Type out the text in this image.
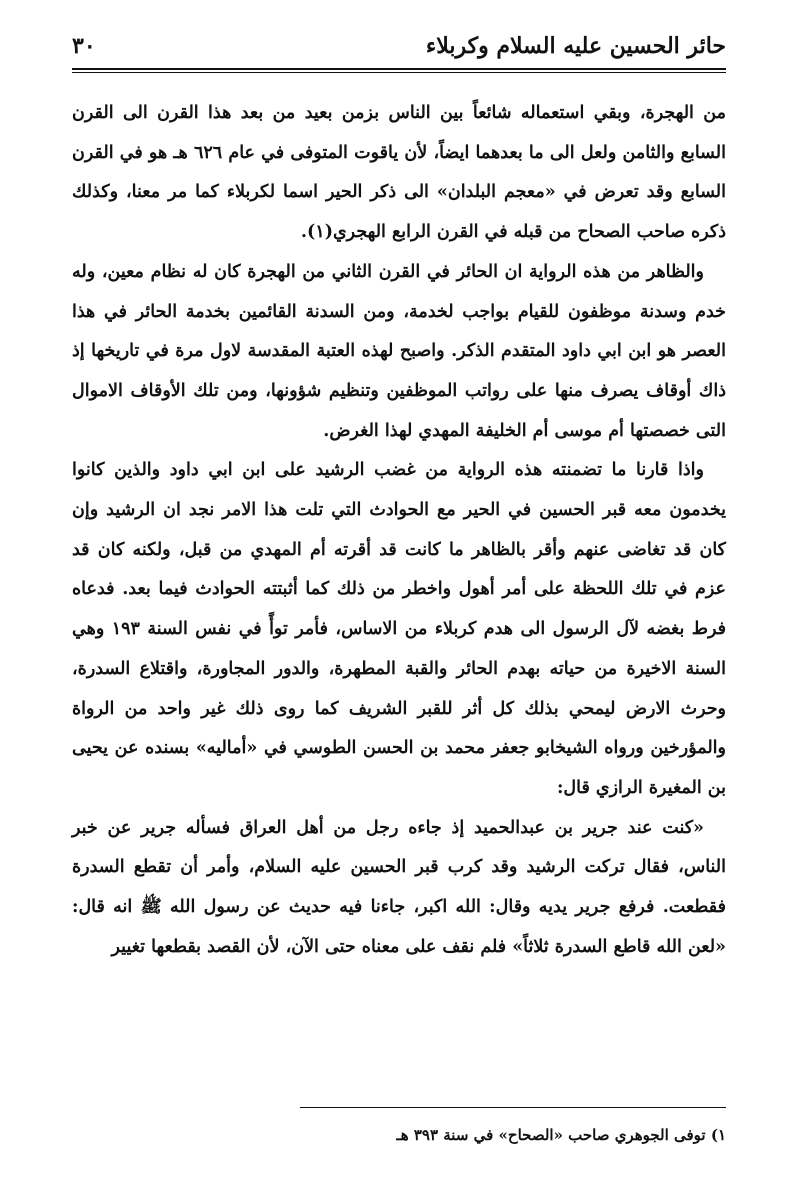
حائر الحسين عليه السلام وكربلاء
٣٠

من الهجرة، وبقي استعماله شائعاً بين الناس بزمن بعيد من بعد هذا القرن الى القرن السابع والثامن ولعل الى ما بعدهما ايضاً، لأن ياقوت المتوفى في عام ٦٢٦ هـ هو في القرن السابع وقد تعرض في «معجم البلدان» الى ذكر الحير اسما لكربلاء كما مر معنا، وكذلك ذكره صاحب الصحاح من قبله في القرن الرابع الهجري(١).

والظاهر من هذه الرواية ان الحائر في القرن الثاني من الهجرة كان له نظام معين، وله خدم وسدنة موظفون للقيام بواجب لخدمة، ومن السدنة القائمين بخدمة الحائر في هذا العصر هو ابن ابي داود المتقدم الذكر. واصبح لهذه العتبة المقدسة لاول مرة في تاريخها إذ ذاك أوقاف يصرف منها على رواتب الموظفين وتنظيم شؤونها، ومن تلك الأوقاف الاموال التى خصصتها أم موسى أم الخليفة المهدي لهذا الغرض.

واذا قارنا ما تضمنته هذه الرواية من غضب الرشيد على ابن ابي داود والذين كانوا يخدمون معه قبر الحسين في الحير مع الحوادث التي تلت هذا الامر نجد ان الرشيد وإن كان قد تغاضى عنهم وأقر بالظاهر ما كانت قد أقرته أم المهدي من قبل، ولكنه كان قد عزم في تلك اللحظة على أمر أهول واخطر من ذلك كما أثبتته الحوادث فيما بعد. فدعاه فرط بغضه لآل الرسول الى هدم كربلاء من الاساس، فأمر توأً في نفس السنة ١٩٣ وهي السنة الاخيرة من حياته بهدم الحائر والقبة المطهرة، والدور المجاورة، واقتلاع السدرة، وحرث الارض ليمحي بذلك كل أثر للقبر الشريف كما روى ذلك غير واحد من الرواة والمؤرخين ورواه الشيخابو جعفر محمد بن الحسن الطوسي في «أماليه» بسنده عن يحيى بن المغيرة الرازي قال:

«كنت عند جرير بن عبدالحميد إذ جاءه رجل من أهل العراق فسأله جرير عن خبر الناس، فقال تركت الرشيد وقد كرب قبر الحسين عليه السلام، وأمر أن تقطع السدرة فقطعت. فرفع جرير يديه وقال: الله اكبر، جاءنا فيه حديث عن رسول الله ﷺ انه قال: «لعن الله قاطع السدرة ثلاثاً» فلم نقف على معناه حتى الآن، لأن القصد بقطعها تغيير

١) توفى الجوهري صاحب «الصحاح» في سنة ٣٩٣ هـ
